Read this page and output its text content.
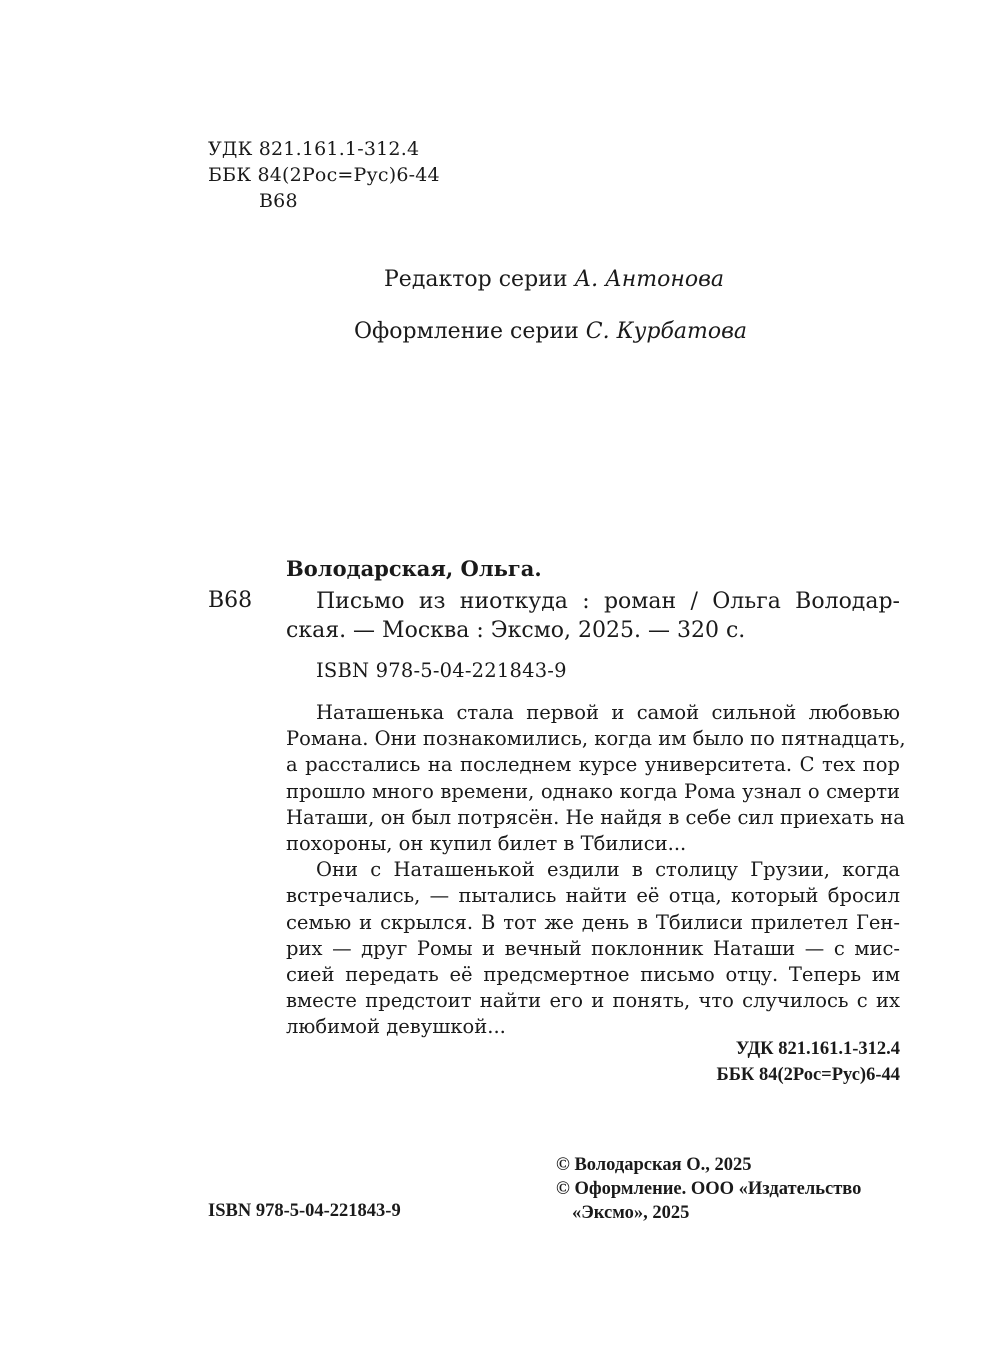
УДК 821.161.1-312.4
ББК 84(2Рос=Рус)6-44
В68
Редактор серии А. Антонова
Оформление серии С. Курбатова
Володарская, Ольга.
В68	Письмо из ниоткуда : роман / Ольга Володар-
ская. — Москва : Эксмо, 2025. — 320 с.
ISBN 978-5-04-221843-9
Наташенька стала первой и самой сильной любовью
Романа. Они познакомились, когда им было по пятнадцать,
а расстались на последнем курсе университета. С тех пор
прошло много времени, однако когда Рома узнал о смерти
Наташи, он был потрясён. Не найдя в себе сил приехать на
похороны, он купил билет в Тбилиси...
Они с Наташенькой ездили в столицу Грузии, когда
встречались, — пытались найти её отца, который бросил
семью и скрылся. В тот же день в Тбилиси прилетел Ген-
рих — друг Ромы и вечный поклонник Наташи — с мис-
сией передать её предсмертное письмо отцу. Теперь им
вместе предстоит найти его и понять, что случилось с их
любимой девушкой...
УДК 821.161.1-312.4
ББК 84(2Рос=Рус)6-44
© Володарская О., 2025
© Оформление. ООО «Издательство
«Эксмо», 2025
ISBN 978-5-04-221843-9
